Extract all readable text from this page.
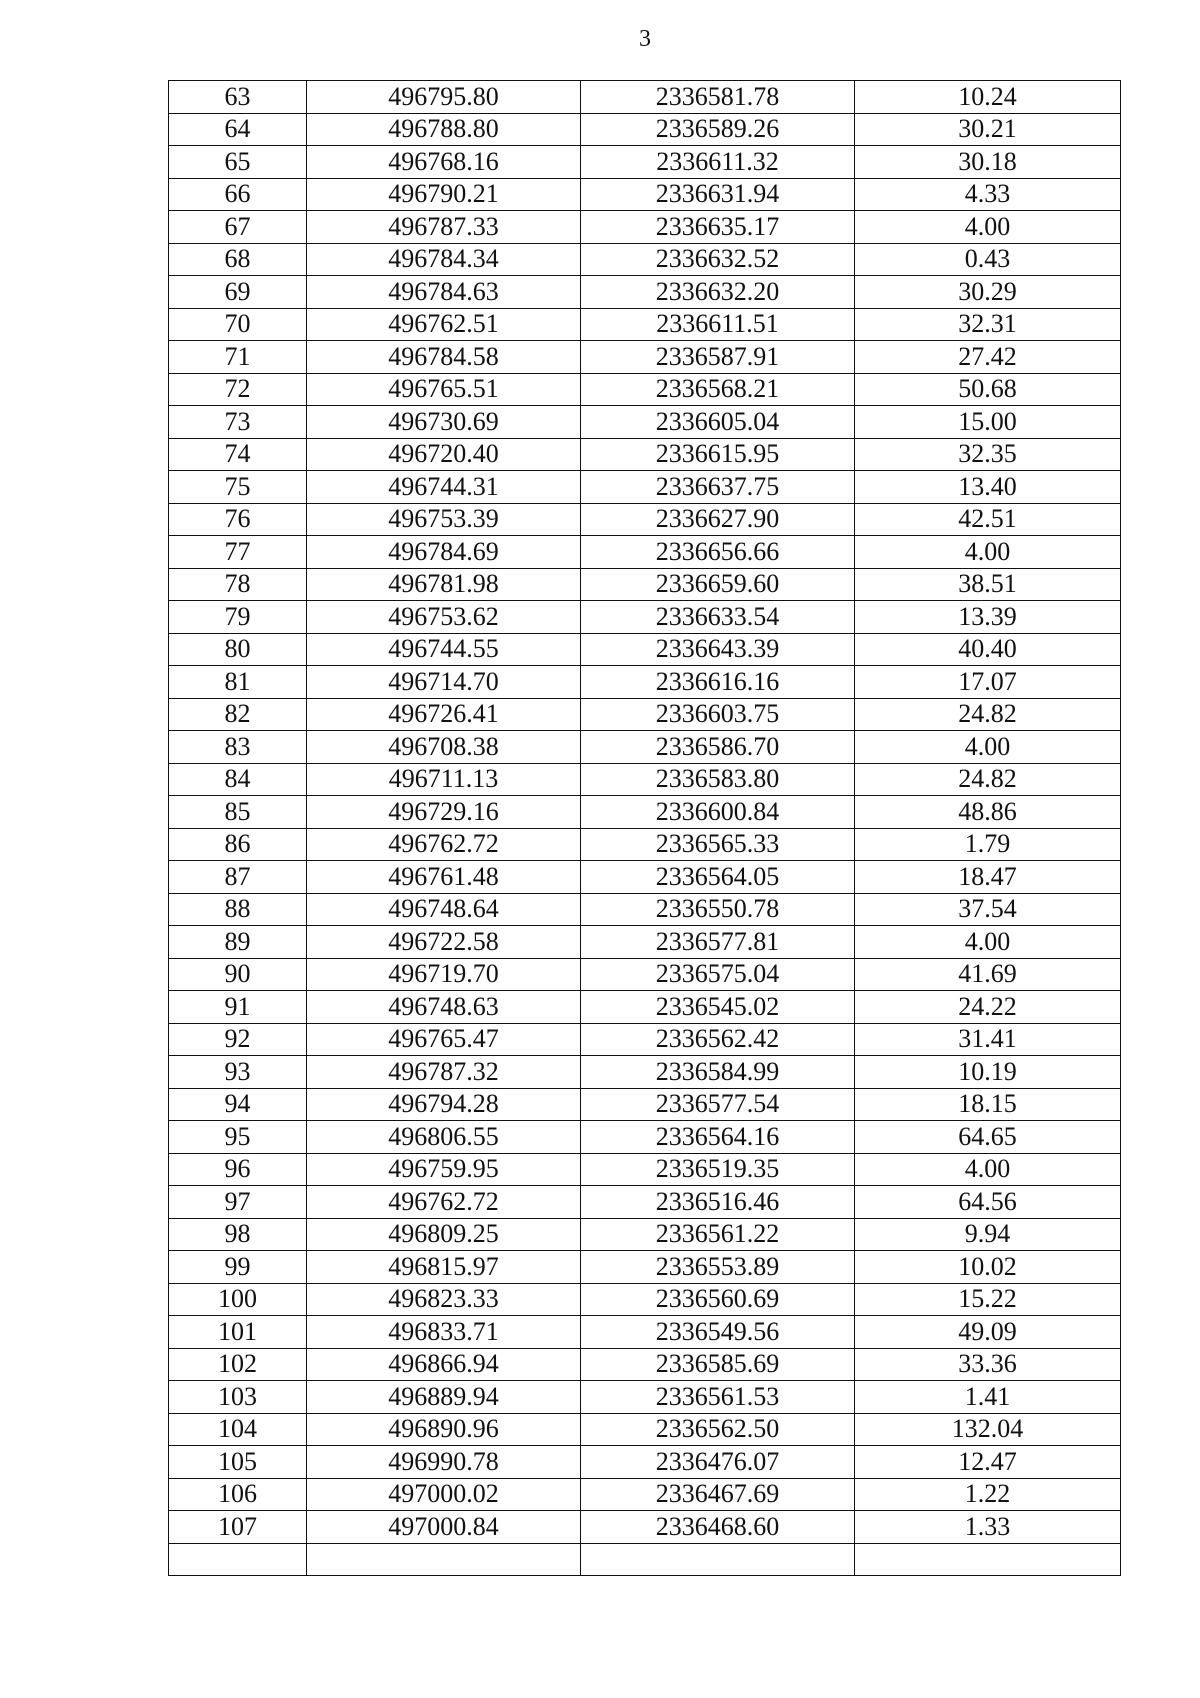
3
63	496795.80	2336581.78	10.24
64	496788.80	2336589.26	30.21
65	496768.16	2336611.32	30.18
66	496790.21	2336631.94	4.33
67	496787.33	2336635.17	4.00
68	496784.34	2336632.52	0.43
69	496784.63	2336632.20	30.29
70	496762.51	2336611.51	32.31
71	496784.58	2336587.91	27.42
72	496765.51	2336568.21	50.68
73	496730.69	2336605.04	15.00
74	496720.40	2336615.95	32.35
75	496744.31	2336637.75	13.40
76	496753.39	2336627.90	42.51
77	496784.69	2336656.66	4.00
78	496781.98	2336659.60	38.51
79	496753.62	2336633.54	13.39
80	496744.55	2336643.39	40.40
81	496714.70	2336616.16	17.07
82	496726.41	2336603.75	24.82
83	496708.38	2336586.70	4.00
84	496711.13	2336583.80	24.82
85	496729.16	2336600.84	48.86
86	496762.72	2336565.33	1.79
87	496761.48	2336564.05	18.47
88	496748.64	2336550.78	37.54
89	496722.58	2336577.81	4.00
90	496719.70	2336575.04	41.69
91	496748.63	2336545.02	24.22
92	496765.47	2336562.42	31.41
93	496787.32	2336584.99	10.19
94	496794.28	2336577.54	18.15
95	496806.55	2336564.16	64.65
96	496759.95	2336519.35	4.00
97	496762.72	2336516.46	64.56
98	496809.25	2336561.22	9.94
99	496815.97	2336553.89	10.02
100	496823.33	2336560.69	15.22
101	496833.71	2336549.56	49.09
102	496866.94	2336585.69	33.36
103	496889.94	2336561.53	1.41
104	496890.96	2336562.50	132.04
105	496990.78	2336476.07	12.47
106	497000.02	2336467.69	1.22
107	497000.84	2336468.60	1.33
